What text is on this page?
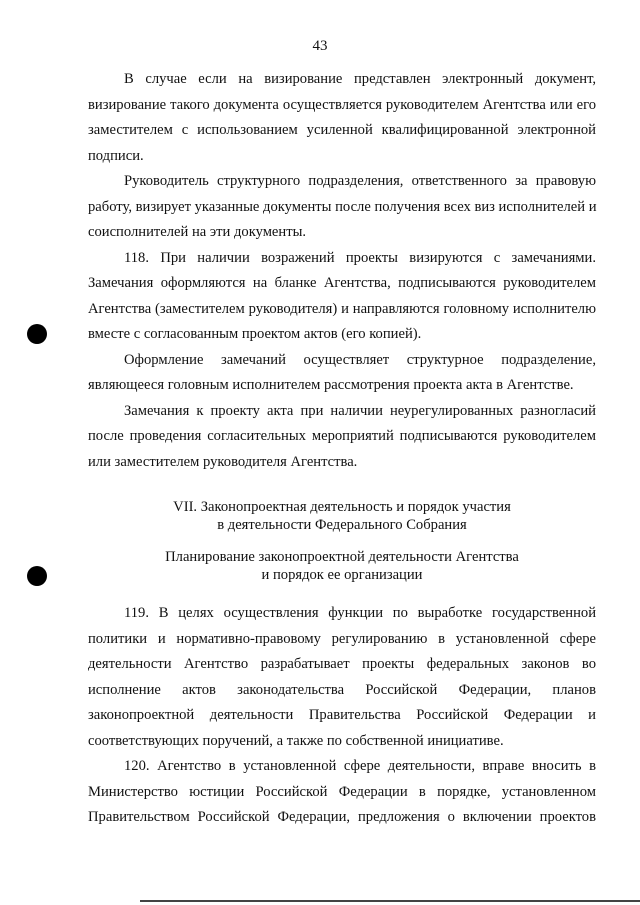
43
В случае если на визирование представлен электронный документ,
визирование такого документа осуществляется руководителем Агентства или его
заместителем с использованием усиленной квалифицированной электронной
подписи.
Руководитель структурного подразделения, ответственного за правовую
работу, визирует указанные документы после получения всех виз исполнителей и
соисполнителей на эти документы.
118. При наличии возражений проекты визируются с замечаниями.
Замечания оформляются на бланке Агентства, подписываются руководителем
Агентства (заместителем руководителя) и направляются головному исполнителю
вместе с согласованным проектом актов (его копией).
Оформление замечаний осуществляет структурное подразделение,
являющееся головным исполнителем рассмотрения проекта акта в Агентстве.
Замечания к проекту акта при наличии неурегулированных разногласий
после проведения согласительных мероприятий подписываются руководителем
или заместителем руководителя Агентства.
VII. Законопроектная деятельность и порядок участия
в деятельности Федерального Собрания
Планирование законопроектной деятельности Агентства
и порядок ее организации
119. В целях осуществления функции по выработке государственной
политики и нормативно-правовому регулированию в установленной сфере
деятельности Агентство разрабатывает проекты федеральных законов во
исполнение актов законодательства Российской Федерации, планов
законопроектной деятельности Правительства Российской Федерации и
соответствующих поручений, а также по собственной инициативе.
120. Агентство в установленной сфере деятельности, вправе вносить в
Министерство юстиции Российской Федерации в порядке, установленном
Правительством Российской Федерации, предложения о включении проектов
